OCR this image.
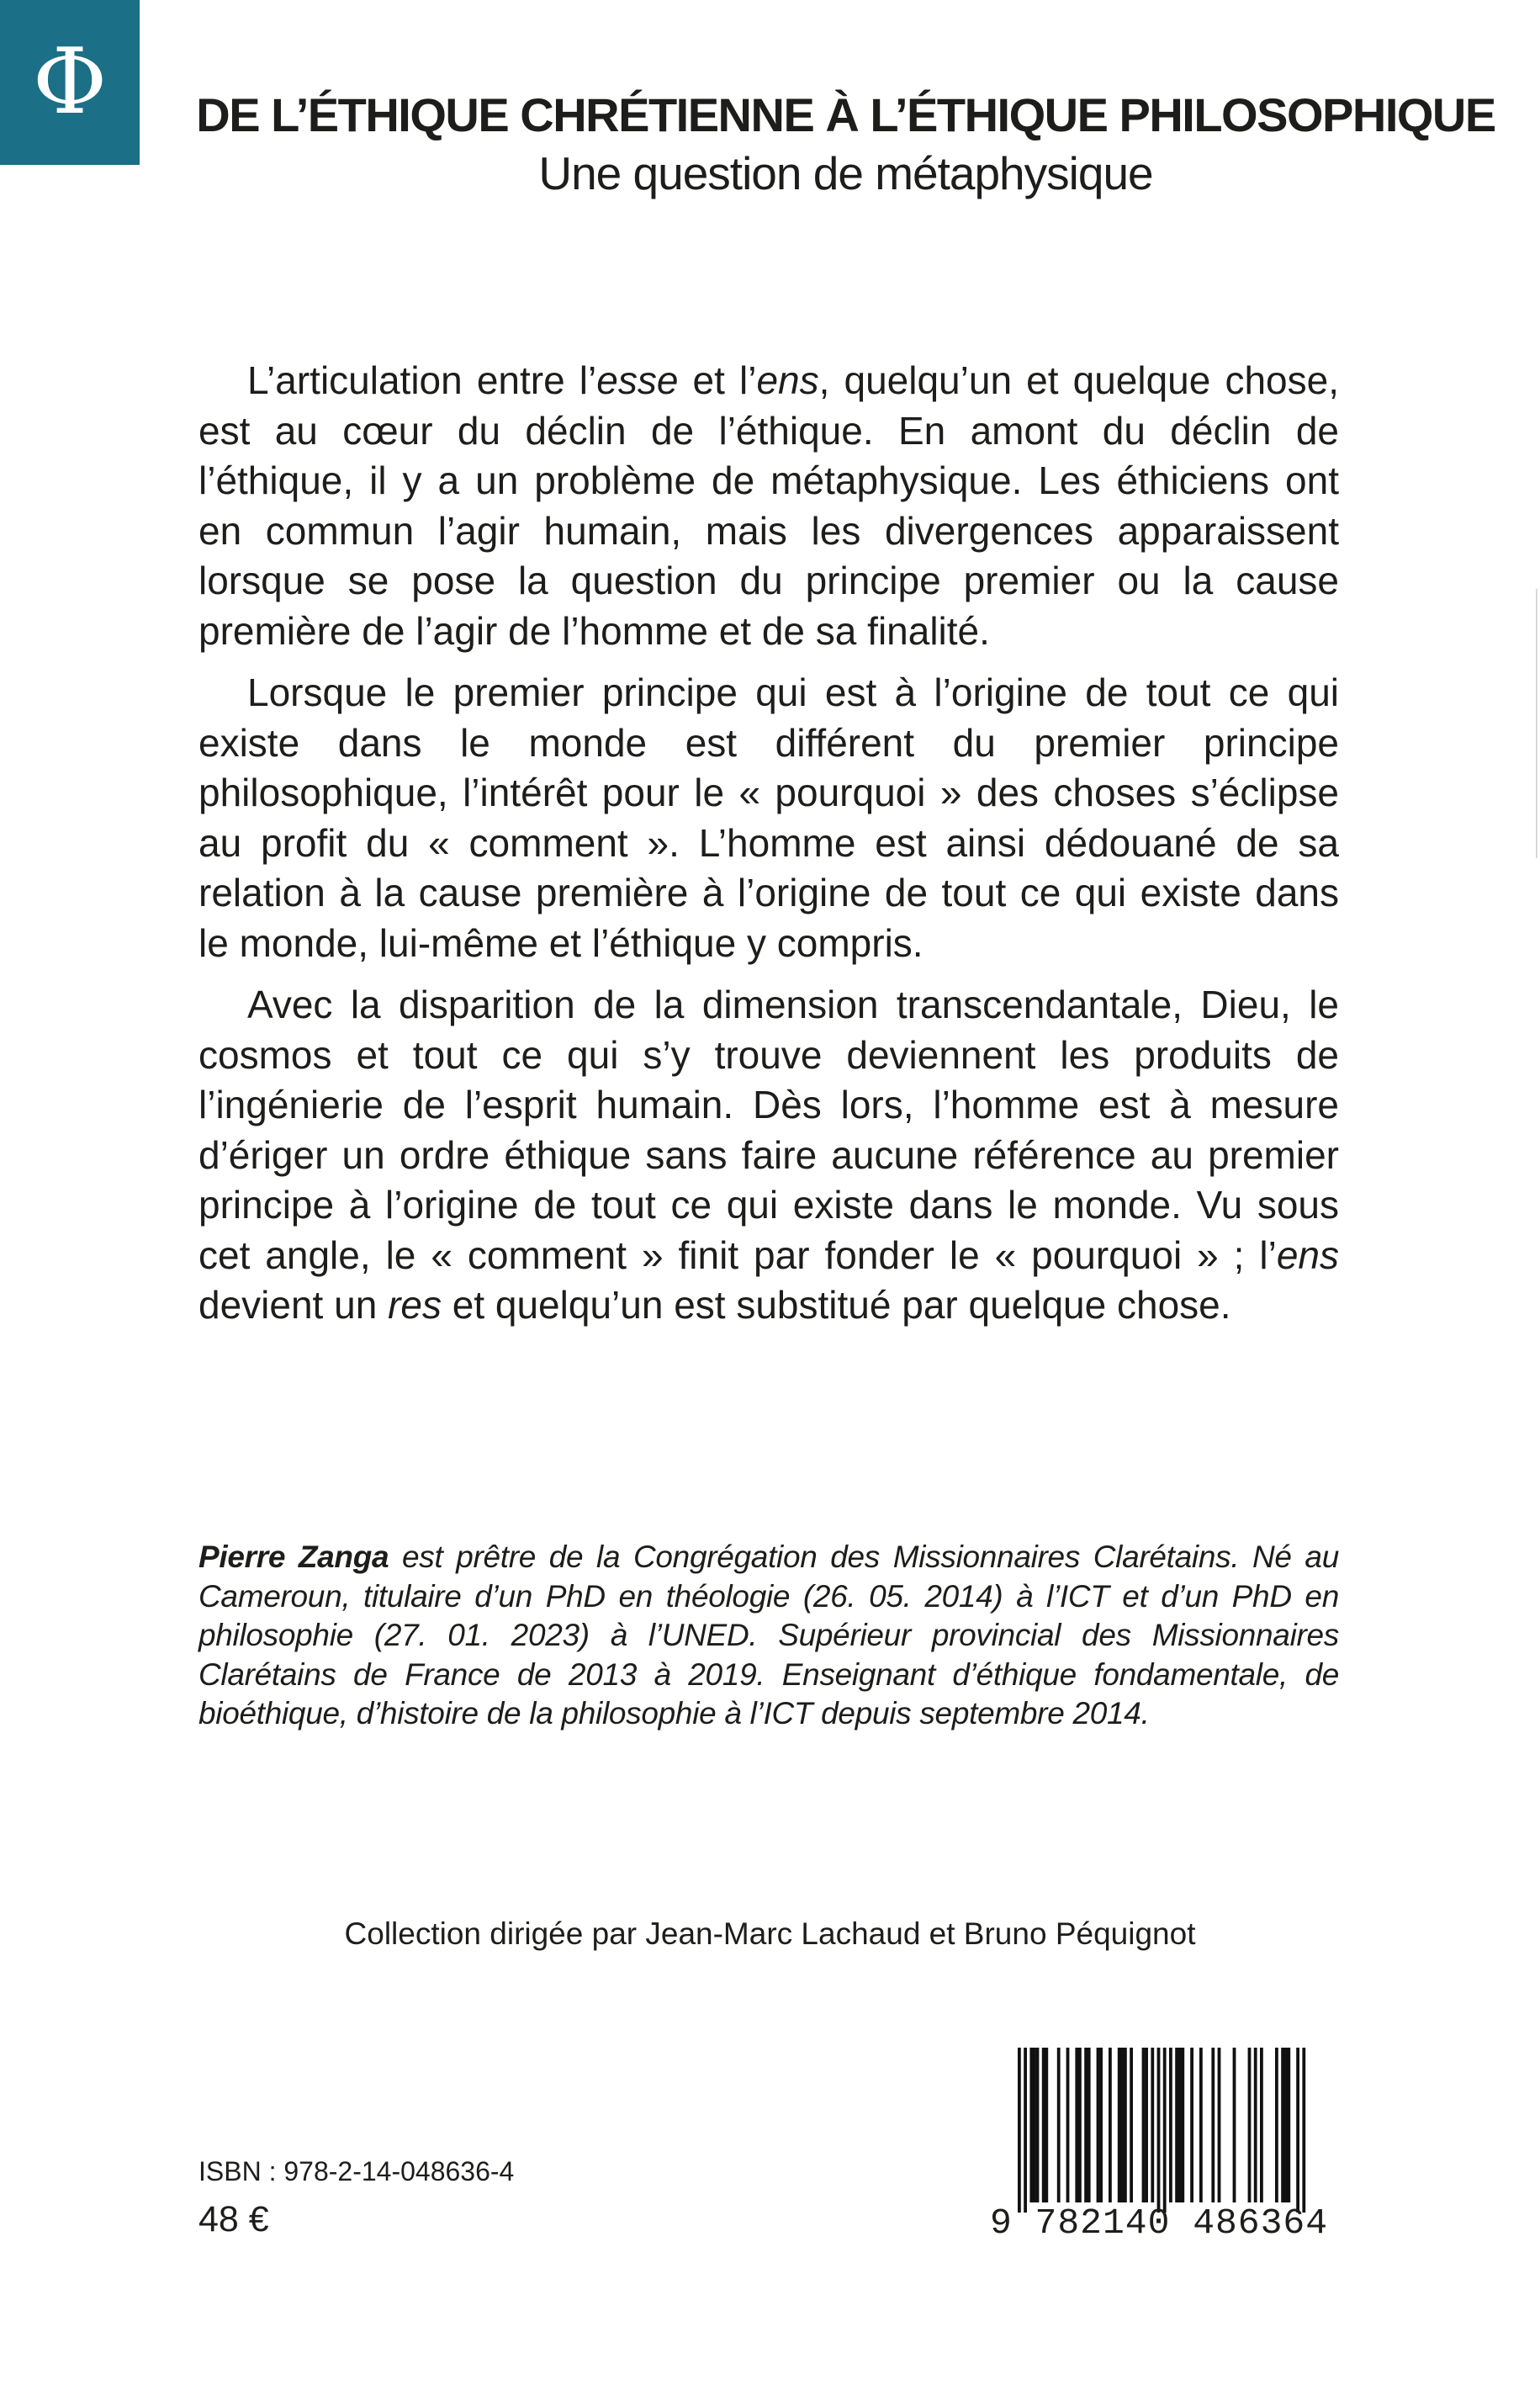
Φ	DE L’ÉTHIQUE CHRÉTIENNE À L’ÉTHIQUE PHILOSOPHIQUE
Une question de métaphysique

L’articulation entre l’esse et l’ens, quelqu’un et quelque chose, est au cœur du déclin de l’éthique. En amont du déclin de l’éthique, il y a un problème de métaphysique. Les éthiciens ont en commun l’agir humain, mais les divergences apparaissent lorsque se pose la question du principe premier ou la cause première de l’agir de l’homme et de sa finalité.

Lorsque le premier principe qui est à l’origine de tout ce qui existe dans le monde est différent du premier principe philosophique, l’intérêt pour le « pourquoi » des choses s’éclipse au profit du « comment ». L’homme est ainsi dédouané de sa relation à la cause première à l’origine de tout ce qui existe dans le monde, lui-même et l’éthique y compris.

Avec la disparition de la dimension transcendantale, Dieu, le cosmos et tout ce qui s’y trouve deviennent les produits de l’ingénierie de l’esprit humain. Dès lors, l’homme est à mesure d’ériger un ordre éthique sans faire aucune référence au premier principe à l’origine de tout ce qui existe dans le monde. Vu sous cet angle, le « comment » finit par fonder le « pourquoi » ; l’ens devient un res et quelqu’un est substitué par quelque chose.

Pierre Zanga est prêtre de la Congrégation des Missionnaires Clarétains. Né au Cameroun, titulaire d’un PhD en théologie (26. 05. 2014) à l’ICT et d’un PhD en philosophie (27. 01. 2023) à l’UNED. Supérieur provincial des Missionnaires Clarétains de France de 2013 à 2019. Enseignant d’éthique fondamentale, de bioéthique, d’histoire de la philosophie à l’ICT depuis septembre 2014.
Collection dirigée par Jean-Marc Lachaud et Bruno Péquignot
ISBN : 978-2-14-048636-4
48 €	9 782140 486364
